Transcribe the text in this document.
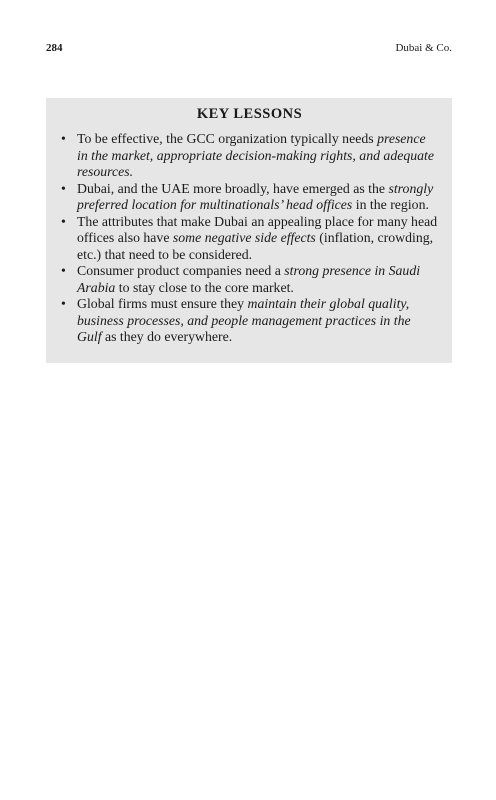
284	Dubai & Co.
KEY LESSONS
• To be effective, the GCC organization typically needs presence in the market, appropriate decision-making rights, and adequate resources.
• Dubai, and the UAE more broadly, have emerged as the strongly preferred location for multinationals’ head offices in the region.
• The attributes that make Dubai an appealing place for many head offices also have some negative side effects (inflation, crowding, etc.) that need to be considered.
• Consumer product companies need a strong presence in Saudi Arabia to stay close to the core market.
• Global firms must ensure they maintain their global quality, business processes, and people management practices in the Gulf as they do everywhere.
